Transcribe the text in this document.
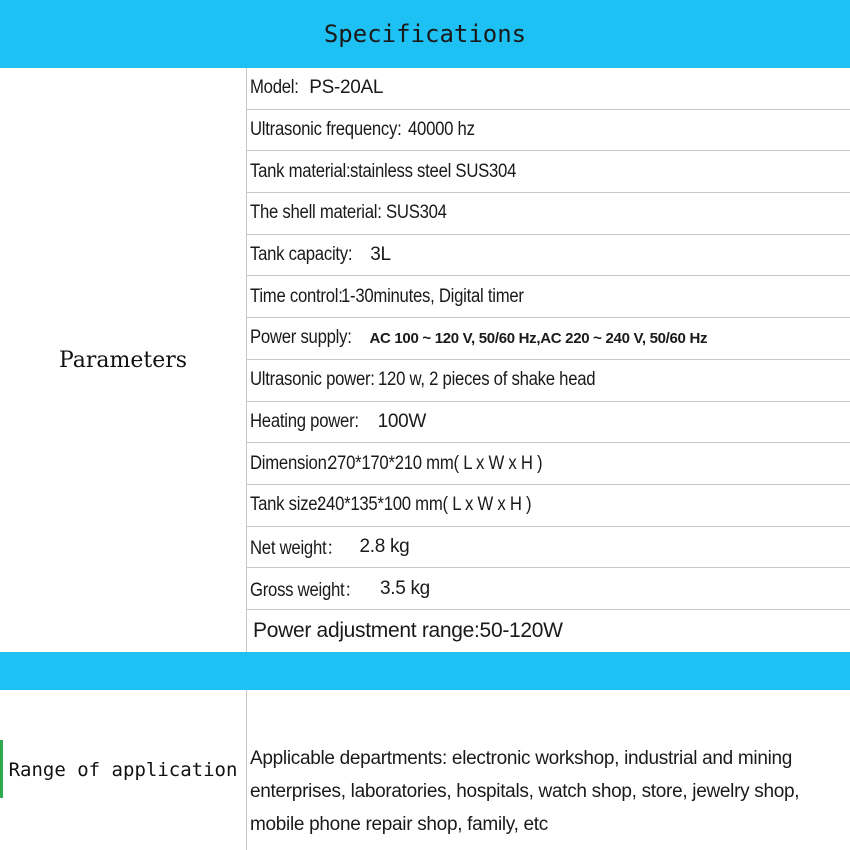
Specifications
Parameters
Model: PS-20AL
Ultrasonic frequency: 40000 hz
Tank material: stainless steel SUS304
The shell material: SUS304
Tank capacity: 3L
Time control:
1-30minutes, Digital timer
Power supply: AC 100 ~ 120 V, 50/60 Hz,AC 220 ~ 240 V, 50/60 Hz
Ultrasonic power: 120 w, 2 pieces of shake head
Heating power: 100W
Dimension:
270*170*210 mm( L x W x H )
Tank size:
240*135*100 mm( L x W x H )
Net weight： 2.8 kg
Gross weight： 3.5 kg
Power adjustment range:50-120W
Range of application
Applicable departments: electronic workshop, industrial and mining enterprises, laboratories, hospitals, watch shop, store, jewelry shop, mobile phone repair shop, family, etc
